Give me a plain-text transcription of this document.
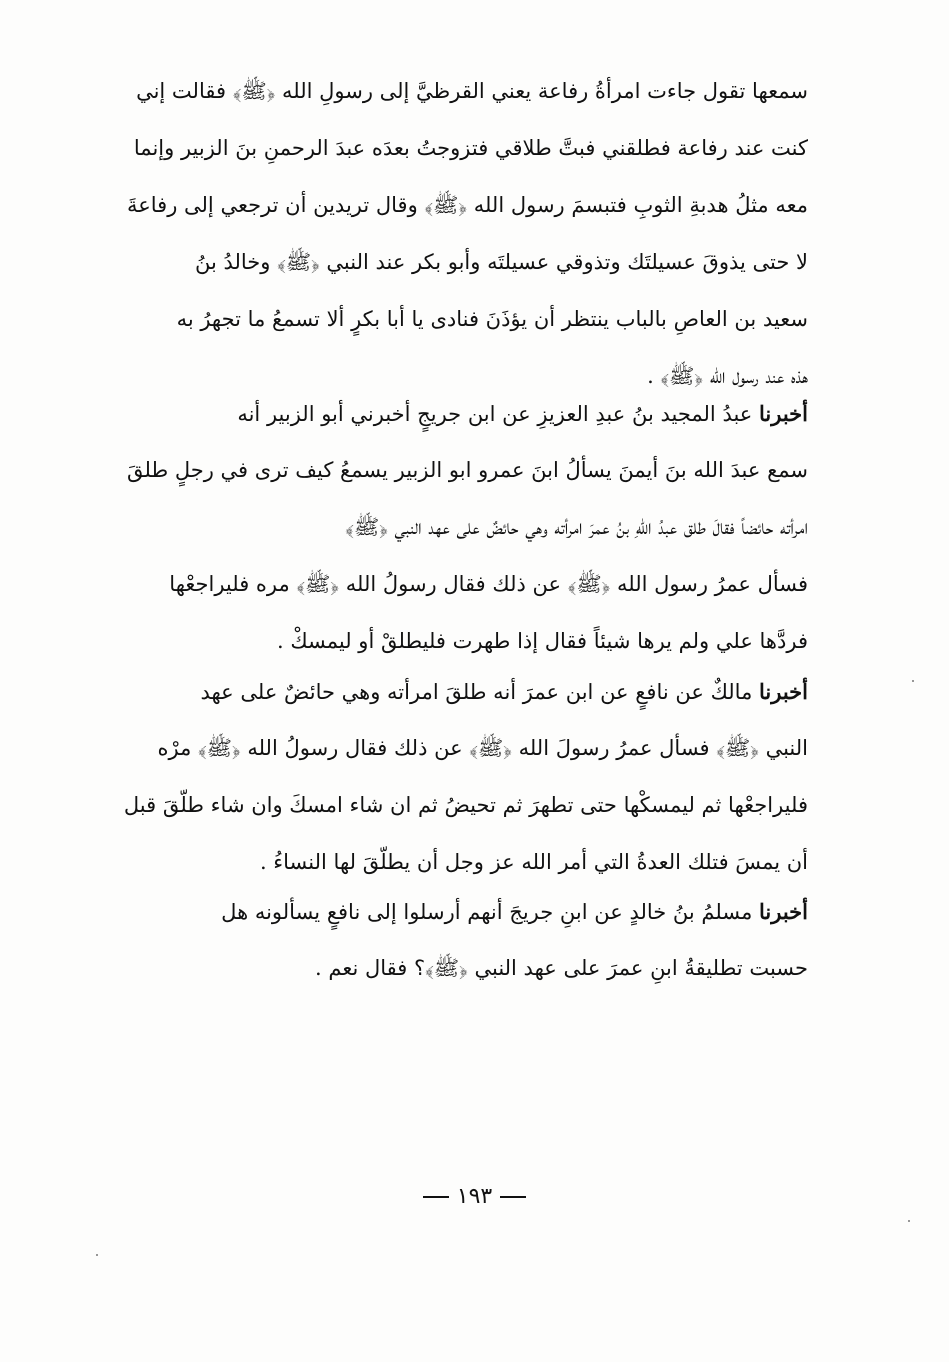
سمعها تقول جاءت امرأةُ رفاعة يعني القرظيَّ إلى رسولِ الله ﴿ﷺ﴾ فقالت إني
كنت عند رفاعة فطلقني فبتَّ طلاقي فتزوجتُ بعدَه عبدَ الرحمنِ بنَ الزبير وإنما
معه مثلُ هدبةِ الثوبِ فتبسمَ رسول الله ﴿ﷺ﴾ وقال تريدين أن ترجعي إلى رفاعةَ
لا حتى يذوقَ عسيلتَك وتذوقي عسيلتَه وأبو بكر عند النبي ﴿ﷺ﴾ وخالدُ بنُ
سعيد بن العاصِ بالباب ينتظر أن يؤذَنَ فنادى يا أبا بكرٍ ألا تسمعُ ما تجهرُ به
هذه عند رسول الله ﴿ﷺ﴾ .
أخبرنا عبدُ المجيد بنُ عبدِ العزيزِ عن ابن جريجٍ أخبرني أبو الزبير أنه
سمع عبدَ الله بنَ أيمنَ يسألُ ابنَ عمرو ابو الزبير يسمعُ كيف ترى في رجلٍ طلقَ
امرأته حائضاً فقالَ طلق عبدُ اللهِ بنُ عمرَ امرأته وهي حائضٌ على عهد النبي ﴿ﷺ﴾
فسأل عمرُ رسول الله ﴿ﷺ﴾ عن ذلك فقال رسولُ الله ﴿ﷺ﴾ مره فليراجعْها
فردَّها علي ولم يرها شيئاً فقال إذا طهرت فليطلقْ أو ليمسكْ .
أخبرنا مالكٌ عن نافعٍ عن ابن عمرَ أنه طلقَ امرأته وهي حائضٌ على عهد
النبي ﴿ﷺ﴾ فسأل عمرُ رسولَ الله ﴿ﷺ﴾ عن ذلك فقال رسولُ الله ﴿ﷺ﴾ مرْه
فليراجعْها ثم ليمسكْها حتى تطهرَ ثم تحيضُ ثم ان شاء امسكَ وان شاء طلّقَ قبل
أن يمسَ فتلك العدةُ التي أمر الله عز وجل أن يطلّقَ لها النساءُ .
أخبرنا مسلمُ بنُ خالدٍ عن ابنِ جريجَ أنهم أرسلوا إلى نافعٍ يسألونه هل
حسبت تطليقةُ ابنِ عمرَ على عهد النبي ﴿ﷺ﴾؟ فقال نعم .
١٩٣
